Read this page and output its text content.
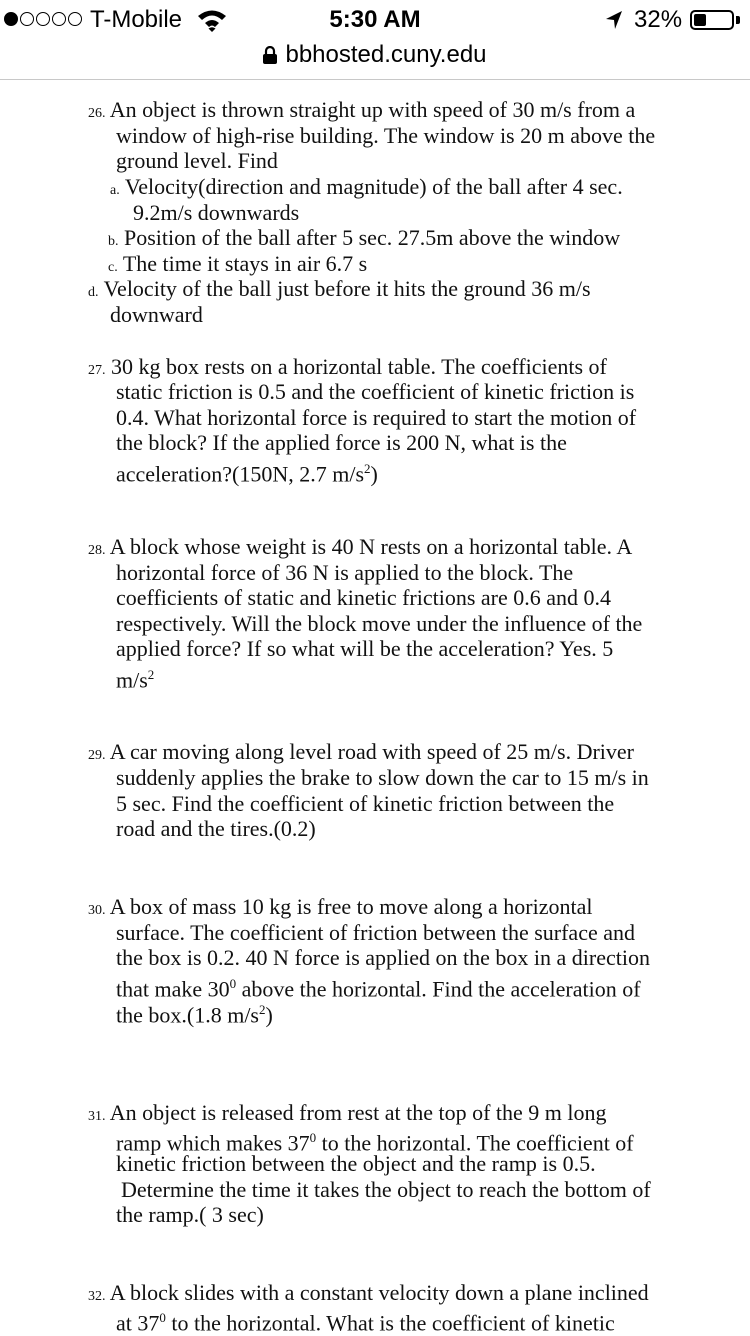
T-Mobile	5:30 AM	32%
bbhosted.cuny.edu
26. An object is thrown straight up with speed of 30 m/s from a
window of high-rise building. The window is 20 m above the
ground level. Find
a. Velocity(direction and magnitude) of the ball after 4 sec.
9.2m/s downwards
b. Position of the ball after 5 sec. 27.5m above the window
c. The time it stays in air 6.7 s
d. Velocity of the ball just before it hits the ground 36 m/s
downward
27. 30 kg box rests on a horizontal table. The coefficients of
static friction is 0.5 and the coefficient of kinetic friction is
0.4. What horizontal force is required to start the motion of
the block? If the applied force is 200 N, what is the
acceleration?(150N, 2.7 $m/s^2$)
28. A block whose weight is 40 N rests on a horizontal table. A
horizontal force of 36 N is applied to the block. The
coefficients of static and kinetic frictions are 0.6 and 0.4
respectively. Will the block move under the influence of the
applied force? If so what will be the acceleration? Yes. 5
$m/s^2$
29. A car moving along level road with speed of 25 m/s. Driver
suddenly applies the brake to slow down the car to 15 m/s in
5 sec. Find the coefficient of kinetic friction between the
road and the tires.(0.2)
30. A box of mass 10 kg is free to move along a horizontal
surface. The coefficient of friction between the surface and
the box is 0.2. 40 N force is applied on the box in a direction
that make $30^0$ above the horizontal. Find the acceleration of
the box.(1.8 $m/s^2$)
31. An object is released from rest at the top of the 9 m long
ramp which makes $37^0$ to the horizontal. The coefficient of
kinetic friction between the object and the ramp is 0.5.
Determine the time it takes the object to reach the bottom of
the ramp.( 3 sec)
32. A block slides with a constant velocity down a plane inclined
at $37^0$ to the horizontal. What is the coefficient of kinetic
